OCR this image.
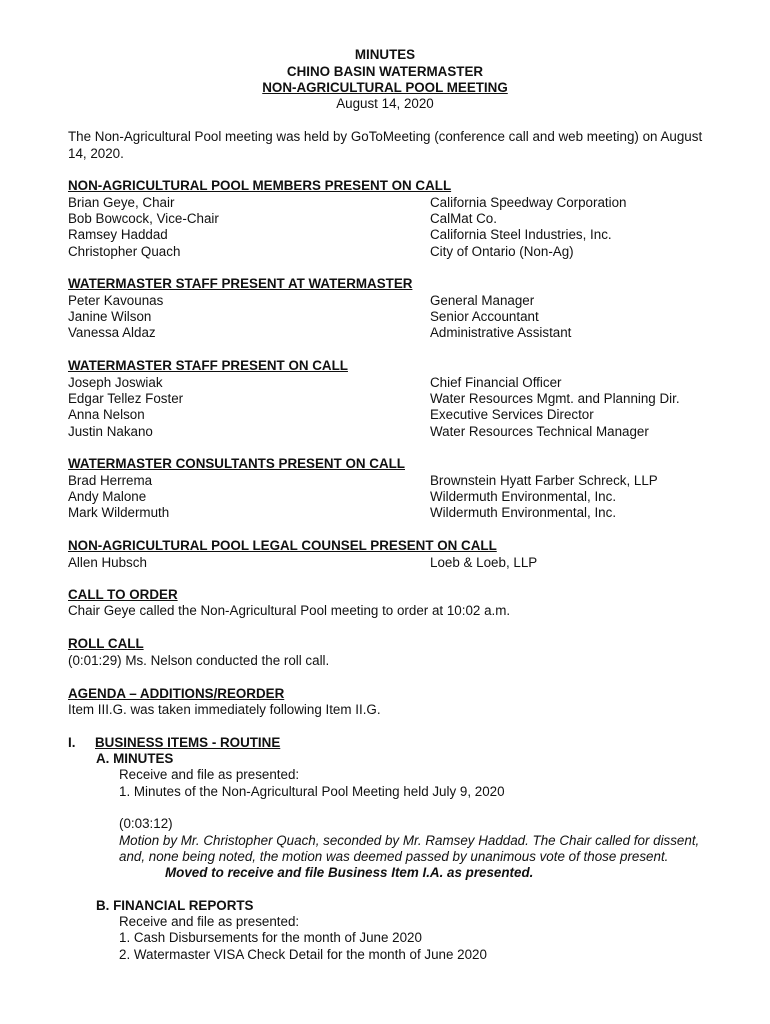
MINUTES
CHINO BASIN WATERMASTER
NON-AGRICULTURAL POOL MEETING
August 14, 2020
The Non-Agricultural Pool meeting was held by GoToMeeting (conference call and web meeting) on August
14, 2020.
NON-AGRICULTURAL POOL MEMBERS PRESENT ON CALL
Brian Geye, Chair	California Speedway Corporation
Bob Bowcock, Vice-Chair	CalMat Co.
Ramsey Haddad	California Steel Industries, Inc.
Christopher Quach	City of Ontario (Non-Ag)
WATERMASTER STAFF PRESENT AT WATERMASTER
Peter Kavounas	General Manager
Janine Wilson	Senior Accountant
Vanessa Aldaz	Administrative Assistant
WATERMASTER STAFF PRESENT ON CALL
Joseph Joswiak	Chief Financial Officer
Edgar Tellez Foster	Water Resources Mgmt. and Planning Dir.
Anna Nelson	Executive Services Director
Justin Nakano	Water Resources Technical Manager
WATERMASTER CONSULTANTS PRESENT ON CALL
Brad Herrema	Brownstein Hyatt Farber Schreck, LLP
Andy Malone	Wildermuth Environmental, Inc.
Mark Wildermuth	Wildermuth Environmental, Inc.
NON-AGRICULTURAL POOL LEGAL COUNSEL PRESENT ON CALL
Allen Hubsch	Loeb & Loeb, LLP
CALL TO ORDER
Chair Geye called the Non-Agricultural Pool meeting to order at 10:02 a.m.
ROLL CALL
(0:01:29) Ms. Nelson conducted the roll call.
AGENDA – ADDITIONS/REORDER
Item III.G. was taken immediately following Item II.G.
I. BUSINESS ITEMS - ROUTINE
A. MINUTES
Receive and file as presented:
1. Minutes of the Non-Agricultural Pool Meeting held July 9, 2020
(0:03:12)
Motion by Mr. Christopher Quach, seconded by Mr. Ramsey Haddad. The Chair called for dissent,
and, none being noted, the motion was deemed passed by unanimous vote of those present.
Moved to receive and file Business Item I.A. as presented.
B. FINANCIAL REPORTS
Receive and file as presented:
1. Cash Disbursements for the month of June 2020
2. Watermaster VISA Check Detail for the month of June 2020
